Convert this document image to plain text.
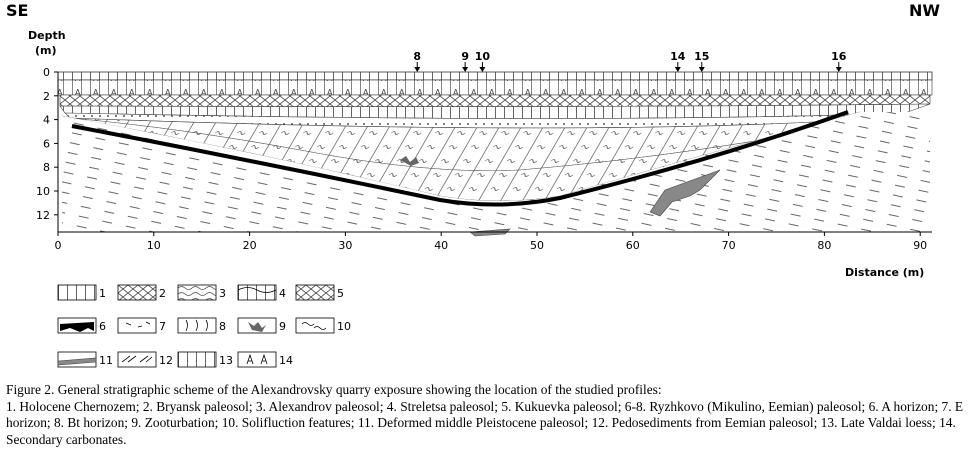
SE	NW
Depth
(m)
Distance (m)
0
2
4
6
8
10
12
0	10	20	30	40	50	60	70	80	90
8	9 10	14 15	16
1	2	3	4	5
6	7	8	9	10
11	12	13	14

Figure 2. General stratigraphic scheme of the Alexandrovsky quarry exposure showing the location of the studied profiles:

1. Holocene Chernozem; 2. Bryansk paleosol; 3. Alexandrov paleosol; 4. Streletsa paleosol; 5. Kukuevka paleosol; 6-8. Ryzhkovo (Mikulino, Eemian) paleosol; 6. A horizon; 7. E horizon; 8. Bt horizon; 9. Zooturbation; 10. Solifluction features; 11. Deformed middle Pleistocene paleosol; 12. Pedosediments from Eemian paleosol; 13. Late Valdai loess; 14. Secondary carbonates.
